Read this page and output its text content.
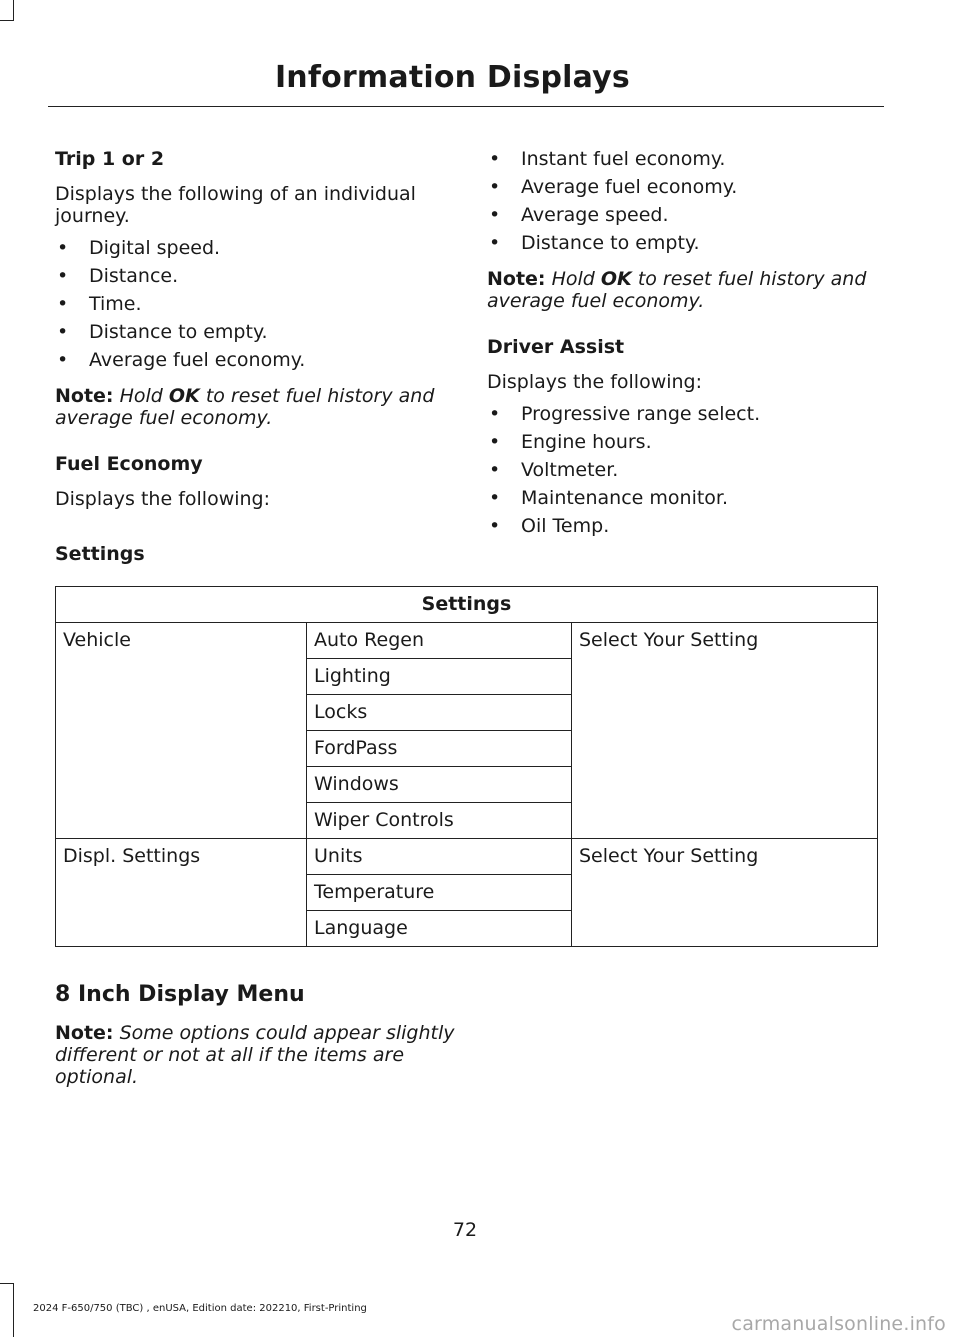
Information Displays
Trip 1 or 2

Displays the following of an individual journey.

• Digital speed.
• Distance.
• Time.
• Distance to empty.
• Average fuel economy.

Note: Hold OK to reset fuel history and average fuel economy.

Fuel Economy

Displays the following:

• Instant fuel economy.
• Average fuel economy.
• Average speed.
• Distance to empty.

Note: Hold OK to reset fuel history and average fuel economy.

Driver Assist

Displays the following:

• Progressive range select.
• Engine hours.
• Voltmeter.
• Maintenance monitor.
• Oil Temp.
Settings
Settings		
Vehicle	Auto Regen	Select Your Setting
	Lighting	
	Locks	
	FordPass	
	Windows	
	Wiper Controls	
Displ. Settings	Units	Select Your Setting
	Temperature	
	Language	
8 Inch Display Menu
Note: Some options could appear slightly different or not at all if the items are optional.
72
2024 F-650/750 (TBC) , enUSA, Edition date: 202210, First-Printing
carmanualsonline.info
